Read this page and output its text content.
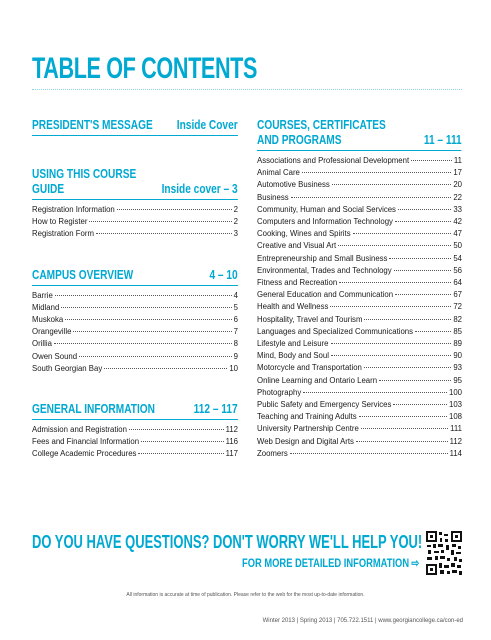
TABLE OF CONTENTS
PRESIDENT'S MESSAGE Inside Cover
USING THIS COURSE GUIDE	Inside cover – 3
Registration Information	2
How to Register	2
Registration Form	3
CAMPUS OVERVIEW	4 – 10
Barrie	4
Midland	5
Muskoka	6
Orangeville	7
Orillia	8
Owen Sound	9
South Georgian Bay	10
GENERAL INFORMATION	112 – 117
Admission and Registration	112
Fees and Financial Information	116
College Academic Procedures	117
COURSES, CERTIFICATES
AND PROGRAMS	11 – 111
Associations and Professional Development	11
Animal Care	17
Automotive Business	20
Business	22
Community, Human and Social Services	33
Computers and Information Technology	42
Cooking, Wines and Spirits	47
Creative and Visual Art	50
Entrepreneurship and Small Business	54
Environmental, Trades and Technology	56
Fitness and Recreation	64
General Education and Communication	67
Health and Wellness	72
Hospitality, Travel and Tourism	82
Languages and Specialized Communications	85
Lifestyle and Leisure	89
Mind, Body and Soul	90
Motorcycle and Transportation	93
Online Learning and Ontario Learn	95
Photography	100
Public Safety and Emergency Services	103
Teaching and Training Adults	108
University Partnership Centre	111
Web Design and Digital Arts	112
Zoomers	114
DO YOU HAVE QUESTIONS? DON'T WORRY WE'LL HELP YOU!
FOR MORE DETAILED INFORMATION ⇨
All information is accurate at time of publication. Please refer to the web for the most up-to-date information.
Winter 2013 | Spring 2013 | 705.722.1511 | www.georgiancollege.ca/con-ed
